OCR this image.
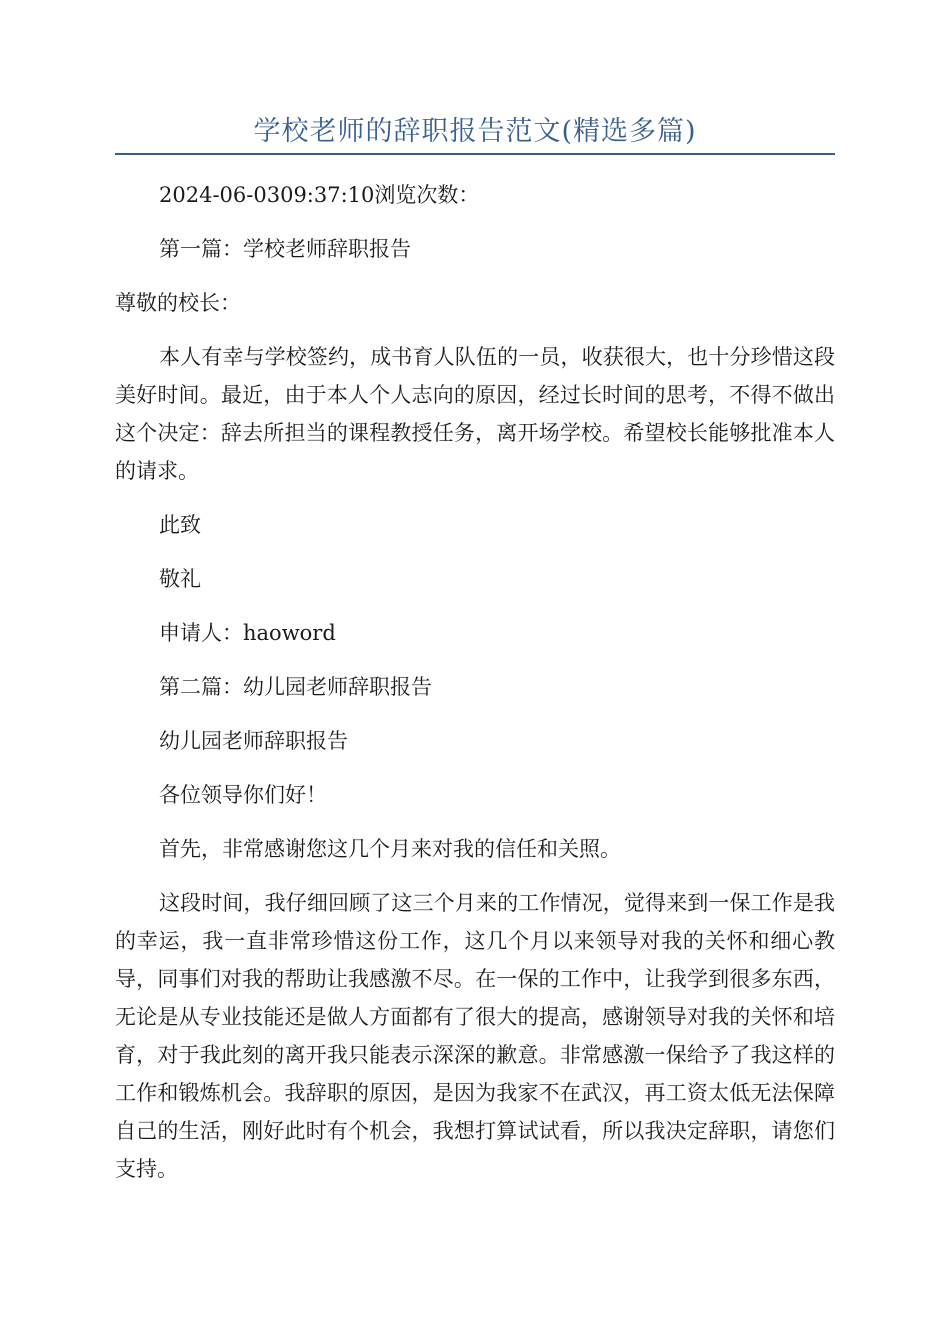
学校老师的辞职报告范文(精选多篇)

2024-06-0309:37:10浏览次数：

第一篇：学校老师辞职报告

尊敬的校长：

本人有幸与学校签约，成书育人队伍的一员，收获很大，也十分珍惜这段美好时间。最近，由于本人个人志向的原因，经过长时间的思考，不得不做出这个决定：辞去所担当的课程教授任务，离开场学校。希望校长能够批准本人的请求。

此致

敬礼

申请人：haoword

第二篇：幼儿园老师辞职报告

幼儿园老师辞职报告

各位领导你们好！

首先，非常感谢您这几个月来对我的信任和关照。

这段时间，我仔细回顾了这三个月来的工作情况，觉得来到一保工作是我的幸运，我一直非常珍惜这份工作，这几个月以来领导对我的关怀和细心教导，同事们对我的帮助让我感激不尽。在一保的工作中，让我学到很多东西，无论是从专业技能还是做人方面都有了很大的提高，感谢领导对我的关怀和培育，对于我此刻的离开我只能表示深深的歉意。非常感激一保给予了我这样的工作和锻炼机会。我辞职的原因，是因为我家不在武汉，再工资太低无法保障自己的生活，刚好此时有个机会，我想打算试试看，所以我决定辞职，请您们支持。
